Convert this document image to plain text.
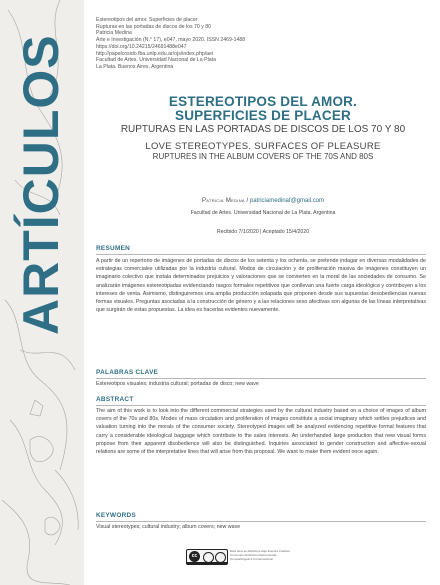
ARTÍCULOS
Estereotipos del amor. Superficies de placer
Rupturas en las portadas de discos de los 70 y 80
Patricia Medina
Arte e Investigación (N.° 17), e047, mayo 2020. ISSN 2469-1488
https://doi.org/10.24215/24691488e047
http://papelcosido.fba.unlp.edu.ar/ojs/index.php/aei
Facultad de Artes. Universidad Nacional de La Plata
La Plata. Buenos Aires. Argentina
ESTEREOTIPOS DEL AMOR.
SUPERFICIES DE PLACER
RUPTURAS EN LAS PORTADAS DE DISCOS DE LOS 70 Y 80
LOVE STEREOTYPES. SURFACES OF PLEASURE
RUPTURES IN THE ALBUM COVERS OF THE 70S AND 80S
Patricia Medina / patriciamedinaf@gmail.com
Facultad de Artes. Universidad Nacional de La Plata. Argentina
Recibido 7/1/2020 | Aceptado 15/4/2020
RESUMEN
A partir de un repertorio de imágenes de portadas de discos de los setenta y los ochenta, se pretende indagar en diversas modalidades de estrategias comerciales utilizadas por la industria cultural. Modos de circulación y de proliferación masiva de imágenes constituyen un imaginario colectivo que instala determinados prejuicios y valoraciones que se convierten en la moral de las sociedades de consumo. Se analizarán imágenes estereotipadas evidenciando rasgos formales repetitivos que conllevan una fuerte carga ideológica y contribuyen a los intereses de venta. Asimismo, distinguiremos una amplia producción solapada que proponen desde sus supuestas desobediencias nuevas formas visuales. Preguntas asociadas a la construcción de género y a las relaciones sexo afectivas son algunas de las líneas interpretativas que surgirán de estas propuestas. La idea es hacerlas evidentes nuevamente.
PALABRAS CLAVE
Estereotipos visuales; industria cultural; portadas de disco; new wave
ABSTRACT
The aim of this work is to look into the different commercial strategies used by the cultural industry based on a choice of images of album covers of the 70s and 80s. Modes of mass circulation and proliferation of images constitute a social imaginary which settles prejudices and valuation turning into the morals of the consumer society. Stereotyped images will be analyzed evidencing repetitive formal features that carry a considerable ideological baggage which contribute to the sales interests. An underhanded large production that new visual forms propose from their apparent disobedience will also be distinguished. Inquiries associated to gender construction and affective-sexual relations are some of the interpretative lines that will arise from this proposal. We want to make them evident once again.
KEYWORDS
Visual stereotypes; cultural industry; album covers; new wave
cc
Esta obra se distribuye bajo licencia Creative Commons Atribución-NoComercial-CompartirIgual 4.0 Internacional
